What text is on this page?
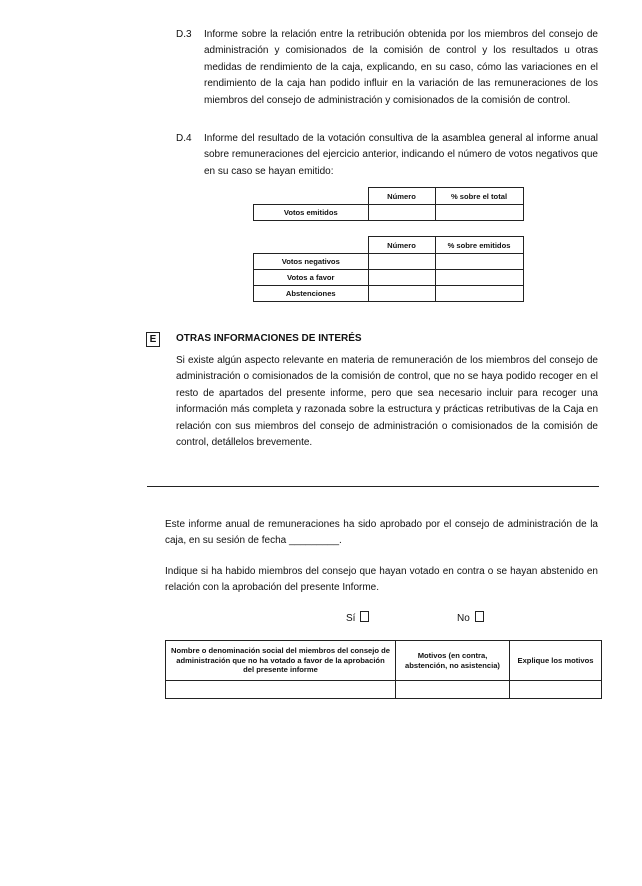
D.3 Informe sobre la relación entre la retribución obtenida por los miembros del consejo de administración y comisionados de la comisión de control y los resultados u otras medidas de rendimiento de la caja, explicando, en su caso, cómo las variaciones en el rendimiento de la caja han podido influir en la variación de las remuneraciones de los miembros del consejo de administración y comisionados de la comisión de control.
D.4 Informe del resultado de la votación consultiva de la asamblea general al informe anual sobre remuneraciones del ejercicio anterior, indicando el número de votos negativos que en su caso se hayan emitido:
	Número	% sobre el total
Votos emitidos		
	Número	% sobre emitidos
Votos negativos		
Votos a favor		
Abstenciones		
E	OTRAS INFORMACIONES DE INTERÉS
Si existe algún aspecto relevante en materia de remuneración de los miembros del consejo de administración o comisionados de la comisión de control, que no se haya podido recoger en el resto de apartados del presente informe, pero que sea necesario incluir para recoger una información más completa y razonada sobre la estructura y prácticas retributivas de la Caja en relación con sus miembros del consejo de administración o comisionados de la comisión de control, detállelos brevemente.
Este informe anual de remuneraciones ha sido aprobado por el consejo de administración de la caja, en su sesión de fecha _________.
Indique si ha habido miembros del consejo que hayan votado en contra o se hayan abstenido en relación con la aprobación del presente Informe.
Sí	No
Nombre o denominación social del miembros del consejo de administración que no ha votado a favor de la aprobación del presente informe	Motivos (en contra, abstención, no asistencia)	Explique los motivos
